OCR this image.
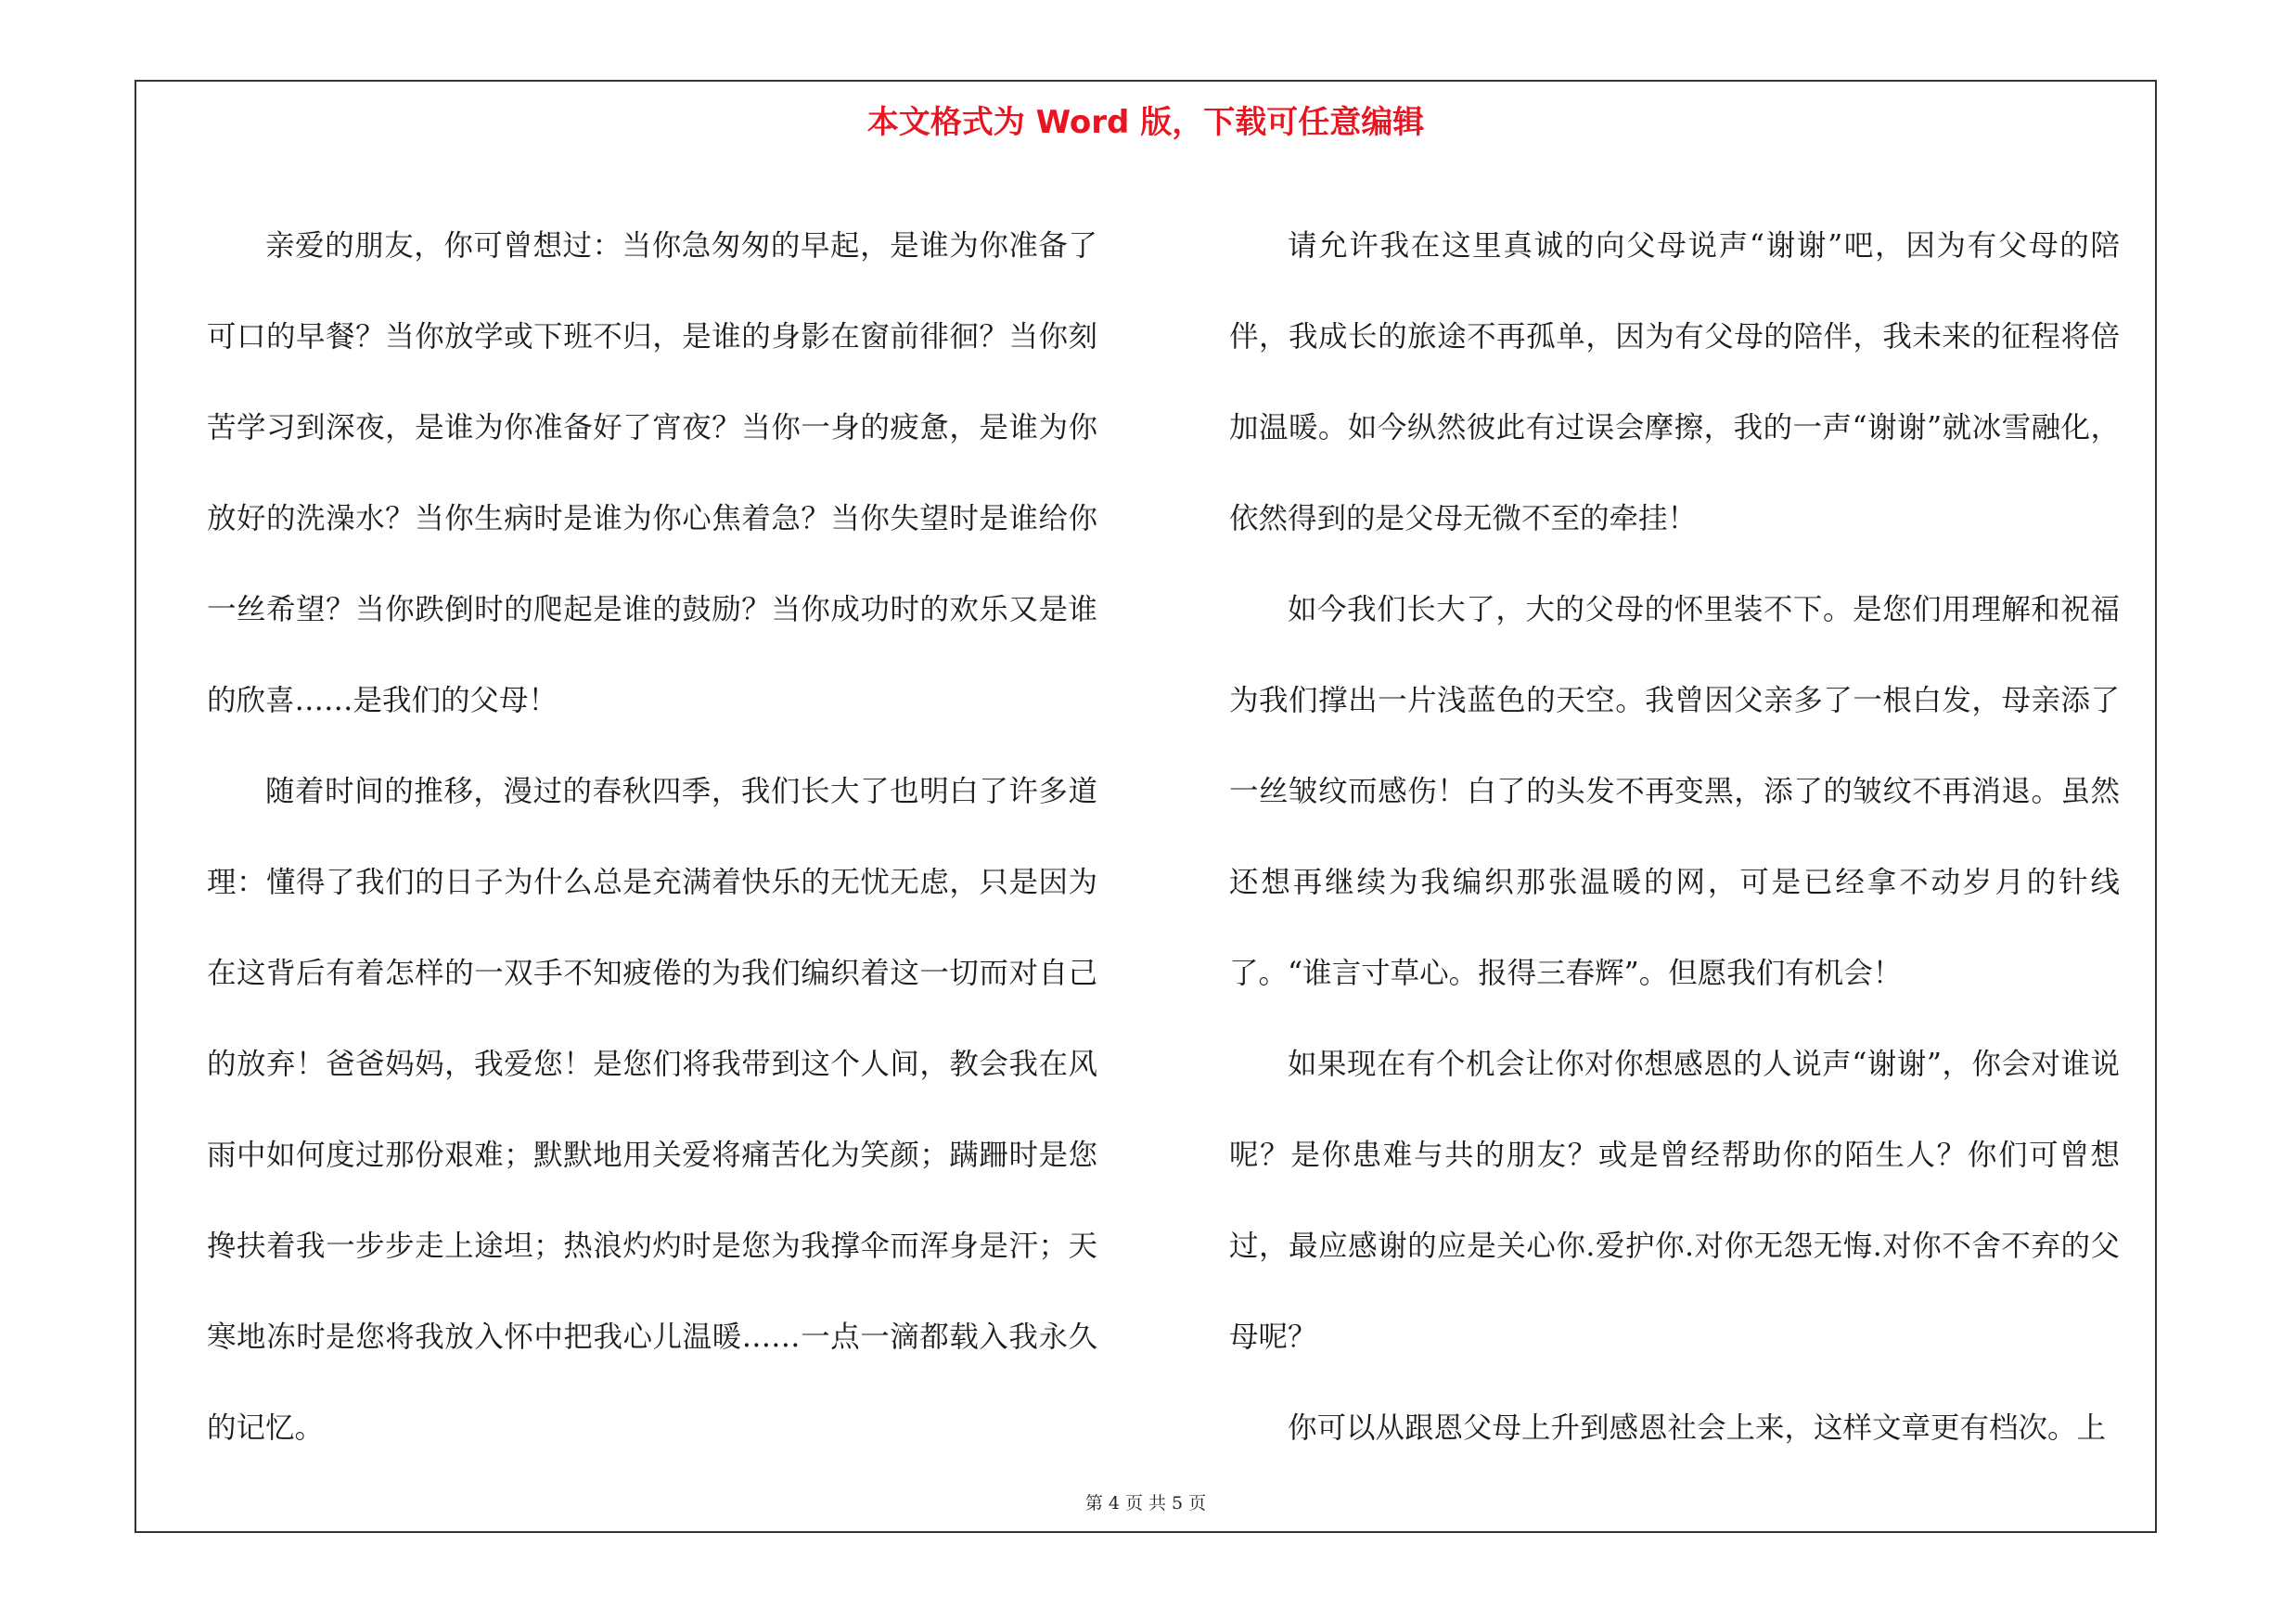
本文格式为 Word 版，下载可任意编辑

亲爱的朋友，你可曾想过：当你急匆匆的早起，是谁为你准备了可口的早餐？当你放学或下班不归，是谁的身影在窗前徘徊？当你刻苦学习到深夜，是谁为你准备好了宵夜？当你一身的疲惫，是谁为你放好的洗澡水？当你生病时是谁为你心焦着急？当你失望时是谁给你一丝希望？当你跌倒时的爬起是谁的鼓励？当你成功时的欢乐又是谁的欣喜……是我们的父母！

随着时间的推移，漫过的春秋四季，我们长大了也明白了许多道理：懂得了我们的日子为什么总是充满着快乐的无忧无虑，只是因为在这背后有着怎样的一双手不知疲倦的为我们编织着这一切而对自己的放弃！爸爸妈妈，我爱您！是您们将我带到这个人间，教会我在风雨中如何度过那份艰难；默默地用关爱将痛苦化为笑颜；蹒跚时是您搀扶着我一步步走上途坦；热浪灼灼时是您为我撑伞而浑身是汗；天寒地冻时是您将我放入怀中把我心儿温暖……一点一滴都载入我永久的记忆。

请允许我在这里真诚的向父母说声“谢谢”吧，因为有父母的陪伴，我成长的旅途不再孤单，因为有父母的陪伴，我未来的征程将倍加温暖。如今纵然彼此有过误会摩擦，我的一声“谢谢”就冰雪融化，依然得到的是父母无微不至的牵挂！

如今我们长大了，大的父母的怀里装不下。是您们用理解和祝福为我们撑出一片浅蓝色的天空。我曾因父亲多了一根白发，母亲添了一丝皱纹而感伤！白了的头发不再变黑，添了的皱纹不再消退。虽然还想再继续为我编织那张温暖的网，可是已经拿不动岁月的针线了。“谁言寸草心。报得三春辉”。但愿我们有机会！

如果现在有个机会让你对你想感恩的人说声“谢谢”，你会对谁说呢？是你患难与共的朋友？或是曾经帮助你的陌生人？你们可曾想过，最应感谢的应是关心你.爱护你.对你无怨无悔.对你不舍不弃的父母呢？

你可以从跟恩父母上升到感恩社会上来，这样文章更有档次。上

第 4 页 共 5 页
